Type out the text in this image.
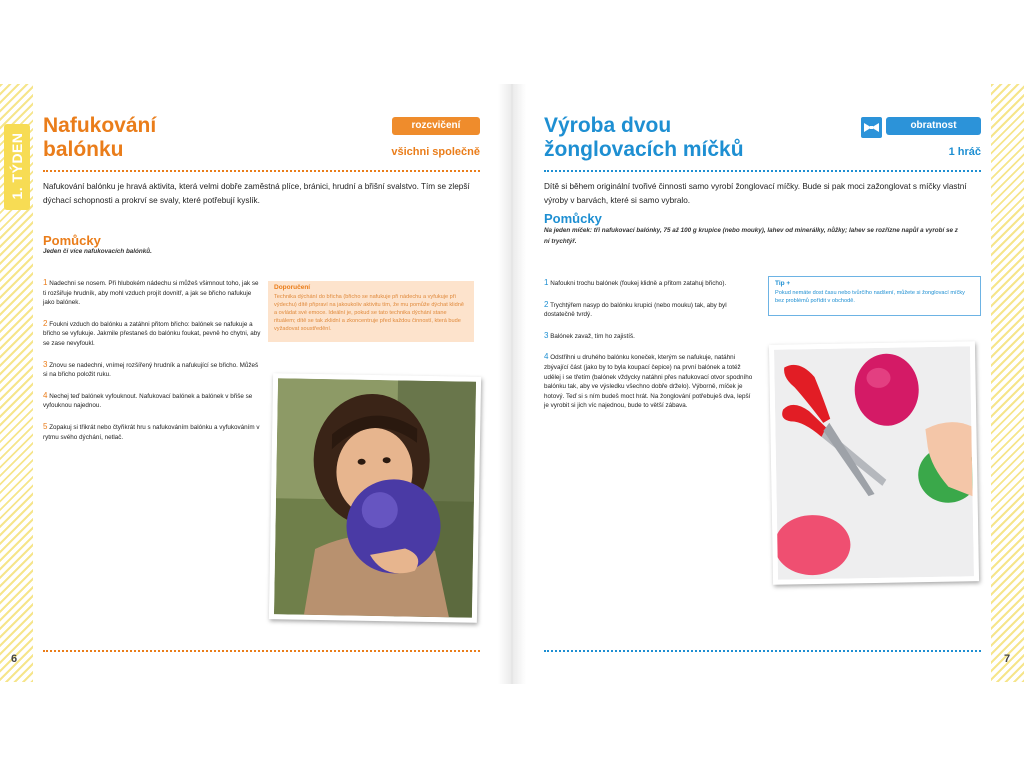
1. TÝDEN
Nafukování
balónku
rozcvičení
všichni společně
Nafukování balónku je hravá aktivita, která velmi dobře zaměstná plíce, bránici, hrudní a břišní svalstvo. Tím se zlepší dýchací schopnosti a prokrví se svaly, které potřebují kyslík.
Pomůcky
Jeden či více nafukovacích balónků.

1 Nadechni se nosem. Při hlubokém nádechu si můžeš všimnout toho, jak se ti rozšiřuje hrudník, aby mohl vzduch projít dovnitř, a jak se břicho nafukuje jako balónek.

2 Foukni vzduch do balónku a zatáhni přitom břicho: balónek se nafukuje a břicho se vyfukuje. Jakmile přestaneš do balónku foukat, pevně ho chytni, aby se zase nevyfoukl.

3 Znovu se nadechni, vnímej rozšířený hrudník a nafukující se břicho. Můžeš si na břicho položit ruku.

4 Nechej teď balónek vyfouknout. Nafukovací balónek a balónek v břiše se vyfouknou najednou.

5 Zopakuj si třikrát nebo čtyřikrát hru s nafukováním balónku a vyfukováním v rytmu svého dýchání, netlač.

Doporučení
Technika dýchání do břicha (břicho se nafukuje při nádechu a vyfukuje při výdechu) dítě připraví na jakoukoliv aktivitu tím, že mu pomůže dýchat klidně a ovládat své emoce. Ideální je, pokud se tato technika dýchání stane rituálem; dítě se tak zklidní a zkoncentruje před každou činností, která bude vyžadovat soustředění.
6
Výroba dvou
žonglovacích míčků
obratnost
1 hráč
Dítě si během originální tvořivé činnosti samo vyrobí žonglovací míčky. Bude si pak moci zažonglovat s míčky vlastní výroby v barvách, které si samo vybralo.
Pomůcky
Na jeden míček: tři nafukovací balónky, 75 až 100 g krupice (nebo mouky), lahev od minerálky, nůžky; lahev se rozřízne napůl a vyrobí se z ní trychtýř.

1 Nafoukni trochu balónek (foukej klidně a přitom zatahuj břicho).

2 Trychtýřem nasyp do balónku krupici (nebo mouku) tak, aby byl dostatečně tvrdý.

3 Balónek zavaž, tím ho zajistíš.

4 Odstřihni u druhého balónku koneček, kterým se nafukuje, natáhni zbývající část (jako by to byla koupací čepice) na první balónek a totéž udělej i se třetím (balónek vždycky natáhni přes nafukovací otvor spodního balónku tak, aby ve výsledku všechno dobře drželo). Výborně, míček je hotový. Teď si s ním budeš moct hrát. Na žonglování potřebuješ dva, lepší je vyrobit si jich víc najednou, bude to větší zábava.

Tip +
Pokud nemáte dost času nebo tvůrčího nadšení, můžete si žonglovací míčky bez problémů pořídit v obchodě.
7
